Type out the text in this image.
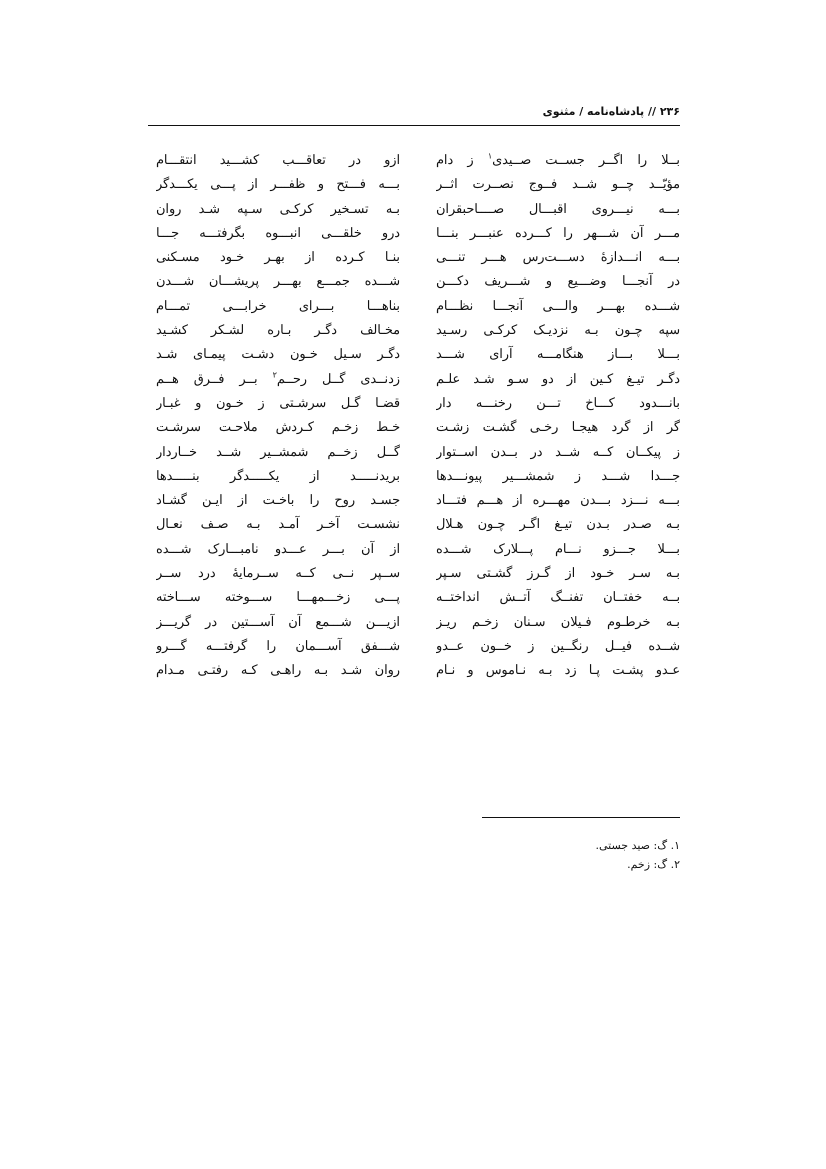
۲۳۶ // پادشاه‌نامه / مثنوی
بــلا را اگــر جســت صــیدی$^۱$ ز دام
مؤیّــد چــو شــد فــوج نصــرت اثــر
بـــه نیـــروی اقبـــال صــــاحبقران
مـــر آن شـــهر را کـــرده عنبـــر بنـــا
بـــه انـــدازهٔ دســـت‌رس هـــر تنـــی
در آنجـــا وضـــیع و شـــریف دکـــن
شـــده بهـــر والـــی آنجـــا نظـــام
سپه چـون بـه نزدیـک کرکـی رسـید
بـــلا بـــاز هنگامـــه آرای شـــد
دگـر تیـغ کـین از دو سـو شـد علـم
بانـــدود کـــاخ تـــن رخنـــه دار
گر از گرد هیجـا رخـی گشـت زشـت
ز پیکــان کــه شــد در بــدن اســتوار
جـــدا شـــد ز شمشـــیر پیونـــدها
بـــه نـــزد بـــدن مهـــره از هـــم فتـــاد
بـه صـدر بـدن تیـغ اگـر چـون هـلال
بـــلا جـــزو نـــام پـــلارک شـــده
بـه سـر خـود از گـرز گشـتی سـپر
بــه خفتــان تفنــگ آتــش انداختــه
بـه خرطـوم فـیلان سـنان زخـم ریـز
شــده فیــل رنگــین ز خــون عــدو
عـدو پشـت پـا زد بـه نـاموس و نـام
ازو در تعاقـــب کشـــید انتقـــام
بـــه فـــتح و ظفـــر از پـــی یکـــدگر
بـه تسـخیر کرکـی سـپه شـد روان
درو خلقـــی انبـــوه بگرفتـــه جـــا
بنـا کـرده از بهـر خـود مسـکنی
شـــده جمـــع بهـــر پریشـــان شـــدن
بناهـــا بـــرای خرابـــی تمـــام
مخـالف دگـر بـاره لشـکر کشـید
دگـر سـیل خـون دشـت پیمـای شـد
زدنــدی گــل رحــم$^۲$ بــر فــرق هــم
قضـا گـل سرشـتی ز خـون و غبـار
خـط زخـم کـردش ملاحـت سرشـت
گــل زخــم شمشــیر شــد خــاردار
بریدنـــــد از یکـــــدگر بنـــــدها
جسـد روح را باخـت از ایـن گشـاد
نشسـت آخـر آمـد بـه صـف نعـال
از آن بـــر عـــدو نامبـــارک شـــده
ســپر نــی کــه ســرمایهٔ درد ســر
پـــی زخـــمهـــا ســـوخته ســـاخته
ازیـــن شـــمع آن آســـتین در گریـــز
شـــفق آســـمان را گرفتـــه گـــرو
روان شـد بـه راهـی کـه رفتـی مـدام
۱. گ: صید جستی.
۲. گ: زخم.
